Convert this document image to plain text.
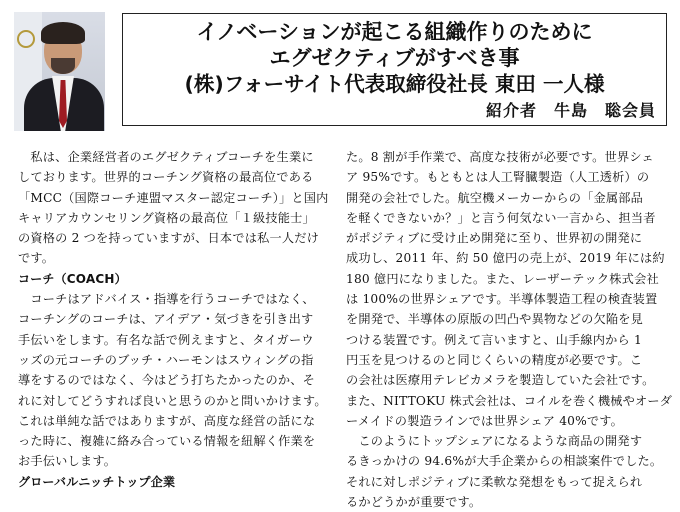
イノベーションが起こる組織作りのために

エグゼクティブがすべき事

(株)フォーサイト代表取締役社長 東田 一人様

紹介者　牛島　聡会員
　私は、企業経営者のエグゼクティブコーチを生業に
しております。世界的コーチング資格の最高位である
「MCC（国際コーチ連盟マスター認定コーチ）」と国内
キャリアカウンセリング資格の最高位「１級技能士」
の資格の 2 つを持っていますが、日本では私一人だけ
です。
コーチ（COACH）
　コーチはアドバイス・指導を行うコーチではなく、
コーチングのコーチは、アイデア・気づきを引き出す
手伝いをします。有名な話で例えますと、タイガーウ
ッズの元コーチのブッチ・ハーモンはスウィングの指
導をするのではなく、今はどう打ちたかったのか、そ
れに対してどうすれば良いと思うのかと問いかけます。
これは単純な話ではありますが、高度な経営の話にな
った時に、複雑に絡み合っている情報を紐解く作業を
お手伝いします。
グローバルニッチトップ企業
た。8 割が手作業で、高度な技術が必要です。世界シェ
ア 95%です。もともとは人工腎臓製造（人工透析）の
開発の会社でした。航空機メーカーからの「金属部品
を軽くできないか？」と言う何気ない一言から、担当者
がポジティブに受け止め開発に至り、世界初の開発に
成功し、2011 年、約 50 億円の売上が、2019 年には約
180 億円になりました。また、レーザーテック株式会社
は 100%の世界シェアです。半導体製造工程の検査装置
を開発で、半導体の原版の凹凸や異物などの欠陥を見
つける装置です。例えて言いますと、山手線内から 1
円玉を見つけるのと同じくらいの精度が必要です。こ
の会社は医療用テレビカメラを製造していた会社です。
また、NITTOKU 株式会社は、コイルを巻く機械やオーダ
ーメイドの製造ラインでは世界シェア 40%です。
　このようにトップシェアになるような商品の開発す
るきっかけの 94.6%が大手企業からの相談案件でした。
それに対しポジティブに柔軟な発想をもって捉えられ
るかどうかが重要です。
